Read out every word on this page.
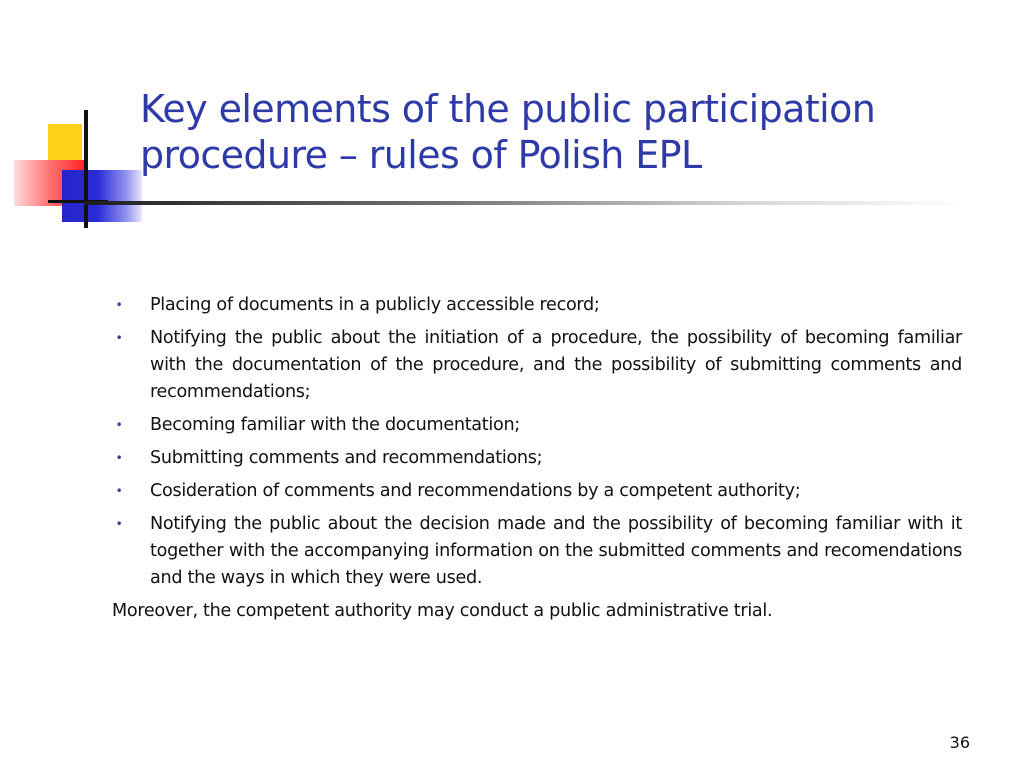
Key elements of the public participation procedure – rules of Polish EPL
• Placing of documents in a publicly accessible record;
• Notifying the public about the initiation of a procedure, the possibility of becoming familiar with the documentation of the procedure, and the possibility of submitting comments and recommendations;
• Becoming familiar with the documentation;
• Submitting comments and recommendations;
• Cosideration of comments and recommendations by a competent authority;
• Notifying the public about the decision made and the possibility of becoming familiar with it together with the accompanying information on the submitted comments and recomendations and the ways in which they were used.

Moreover, the competent authority may conduct a public administrative trial.

36
